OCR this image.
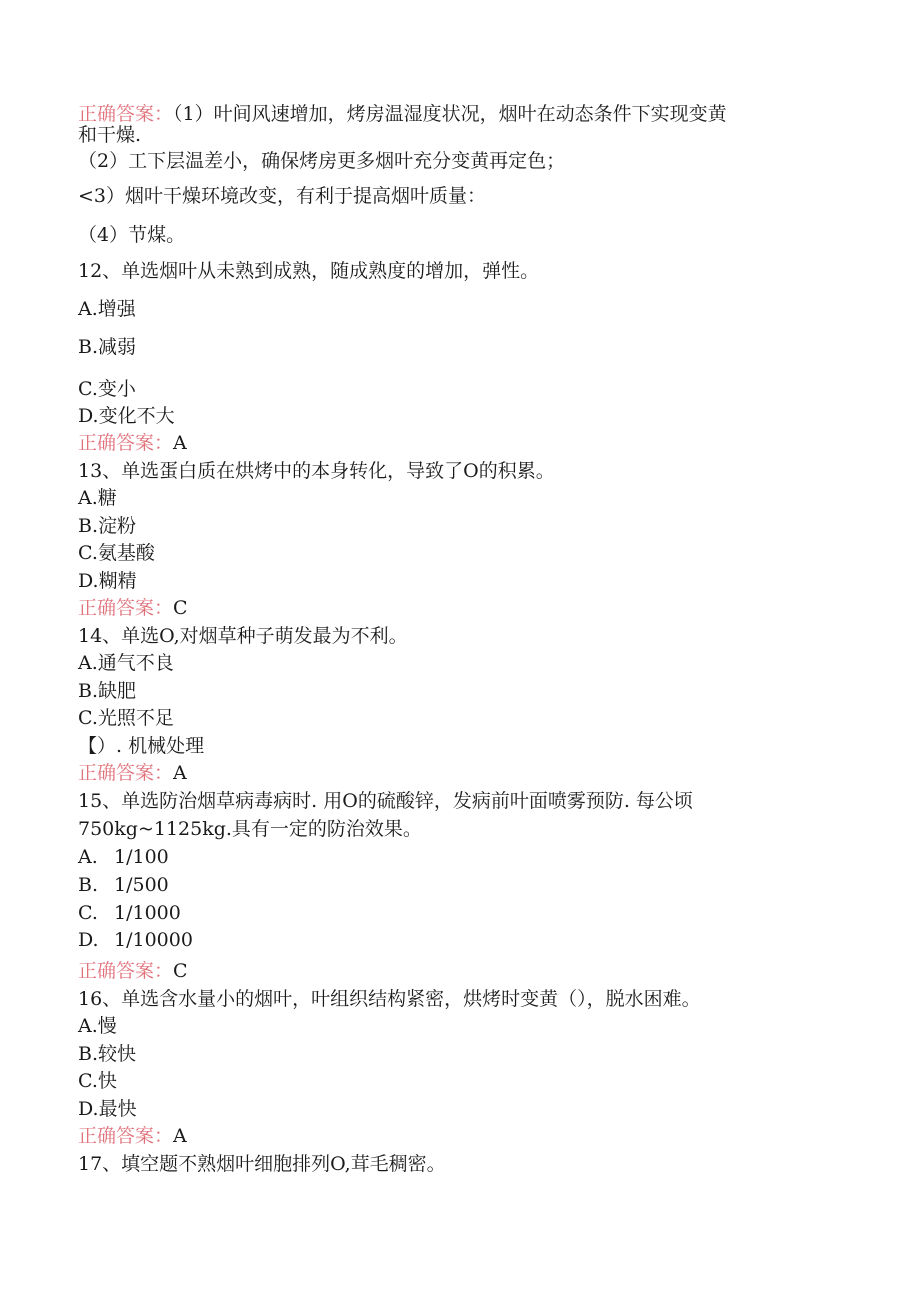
正确答案：（1）叶间风速增加，烤房温湿度状况，烟叶在动态条件下实现变黄
和干燥.
（2）工下层温差小，确保烤房更多烟叶充分变黄再定色；
<3）烟叶干燥环境改变，有利于提高烟叶质量：
（4）节煤。
12、单选烟叶从未熟到成熟，随成熟度的增加，弹性。
A.增强
B.减弱
C.变小
D.变化不大
正确答案：A
13、单选蛋白质在烘烤中的本身转化，导致了O的积累。
A.糖
B.淀粉
C.氨基酸
D.糊精
正确答案：C
14、单选O,对烟草种子萌发最为不利。
A.通气不良
B.缺肥
C.光照不足
【）. 机械处理
正确答案：A
15、单选防治烟草病毒病时. 用O的硫酸锌，发病前叶面喷雾预防. 每公顷
750kg~1125kg.具有一定的防治效果。
A. 1/100
B. 1/500
C. 1/1000
D. 1/10000
正确答案：C
16、单选含水量小的烟叶，叶组织结构紧密，烘烤时变黄（），脱水困难。
A.慢
B.较快
C.快
D.最快
正确答案：A
17、填空题不熟烟叶细胞排列O,茸毛稠密。
